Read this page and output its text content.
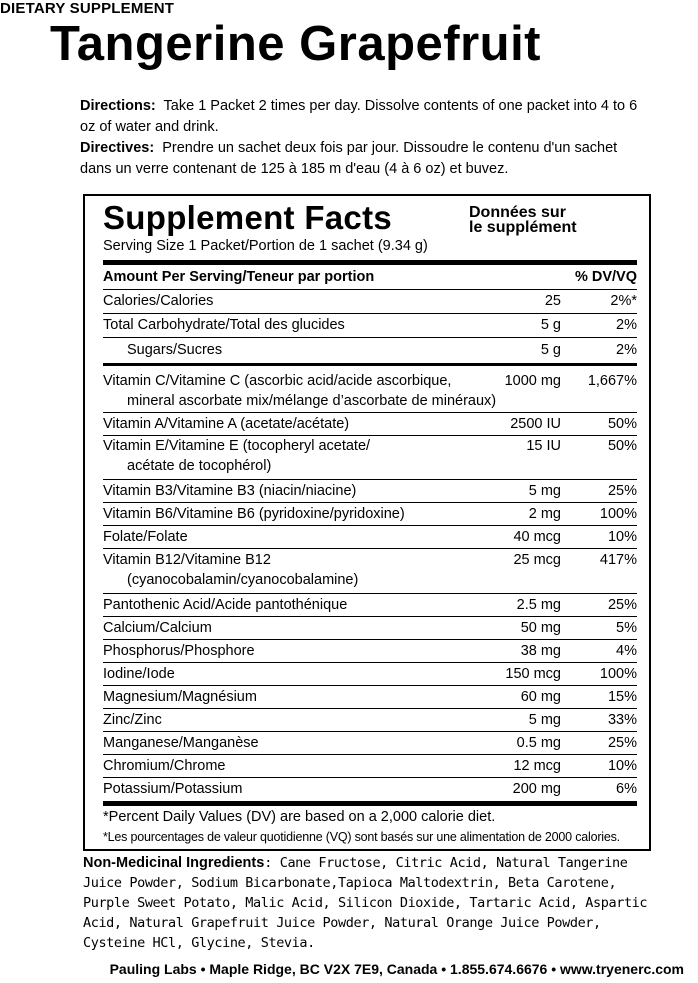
DIETARY SUPPLEMENT
Tangerine Grapefruit

Directions: Take 1 Packet 2 times per day. Dissolve contents of one packet into 4 to 6 oz of water and drink.

Directives: Prendre un sachet deux fois par jour. Dissoudre le contenu d'un sachet dans un verre contenant de 125 à 185 m d'eau (4 à 6 oz) et buvez.

Supplement Facts	Données sur
le supplément
Serving Size 1 Packet/Portion de 1 sachet (9.34 g)
Amount Per Serving/Teneur par portion	% DV/VQ
Calories/Calories	25	2%*
Total Carbohydrate/Total des glucides	5 g	2%
Sugars/Sucres	5 g	2%
Vitamin C/Vitamine C (ascorbic acid/acide ascorbique,
mineral ascorbate mix/mélange d’ascorbate de minéraux)
1000 mg 1,667%
Vitamin A/Vitamine A (acetate/acétate)	2500 IU	50%
Vitamin E/Vitamine E (tocopheryl acetate/
acétate de tocophérol)
15 IU	50%
Vitamin B3/Vitamine B3 (niacin/niacine)	5 mg	25%
Vitamin B6/Vitamine B6 (pyridoxine/pyridoxine)	2 mg	100%
Folate/Folate	40 mcg	10%
Vitamin B12/Vitamine B12
(cyanocobalamin/cyanocobalamine)
25 mcg	417%
Pantothenic Acid/Acide pantothénique	2.5 mg	25%
Calcium/Calcium	50 mg	5%
Phosphorus/Phosphore	38 mg	4%
Iodine/Iode	150 mcg	100%
Magnesium/Magnésium	60 mg	15%
Zinc/Zinc	5 mg	33%
Manganese/Manganèse	0.5 mg	25%
Chromium/Chrome	12 mcg	10%
Potassium/Potassium	200 mg	6%
*Percent Daily Values (DV) are based on a 2,000 calorie diet.
*Les pourcentages de valeur quotidienne (VQ) sont basés sur une alimentation de 2000 calories.
Non-Medicinal Ingredients: Cane Fructose, Citric Acid, Natural Tangerine Juice Powder, Sodium Bicarbonate,Tapioca Maltodextrin, Beta Carotene, Purple Sweet Potato, Malic Acid, Silicon Dioxide, Tartaric Acid, Aspartic Acid, Natural Grapefruit Juice Powder, Natural Orange Juice Powder, Cysteine HCl, Glycine, Stevia.
Pauling Labs • Maple Ridge, BC V2X 7E9, Canada • 1.855.674.6676 • www.tryenerc.com
